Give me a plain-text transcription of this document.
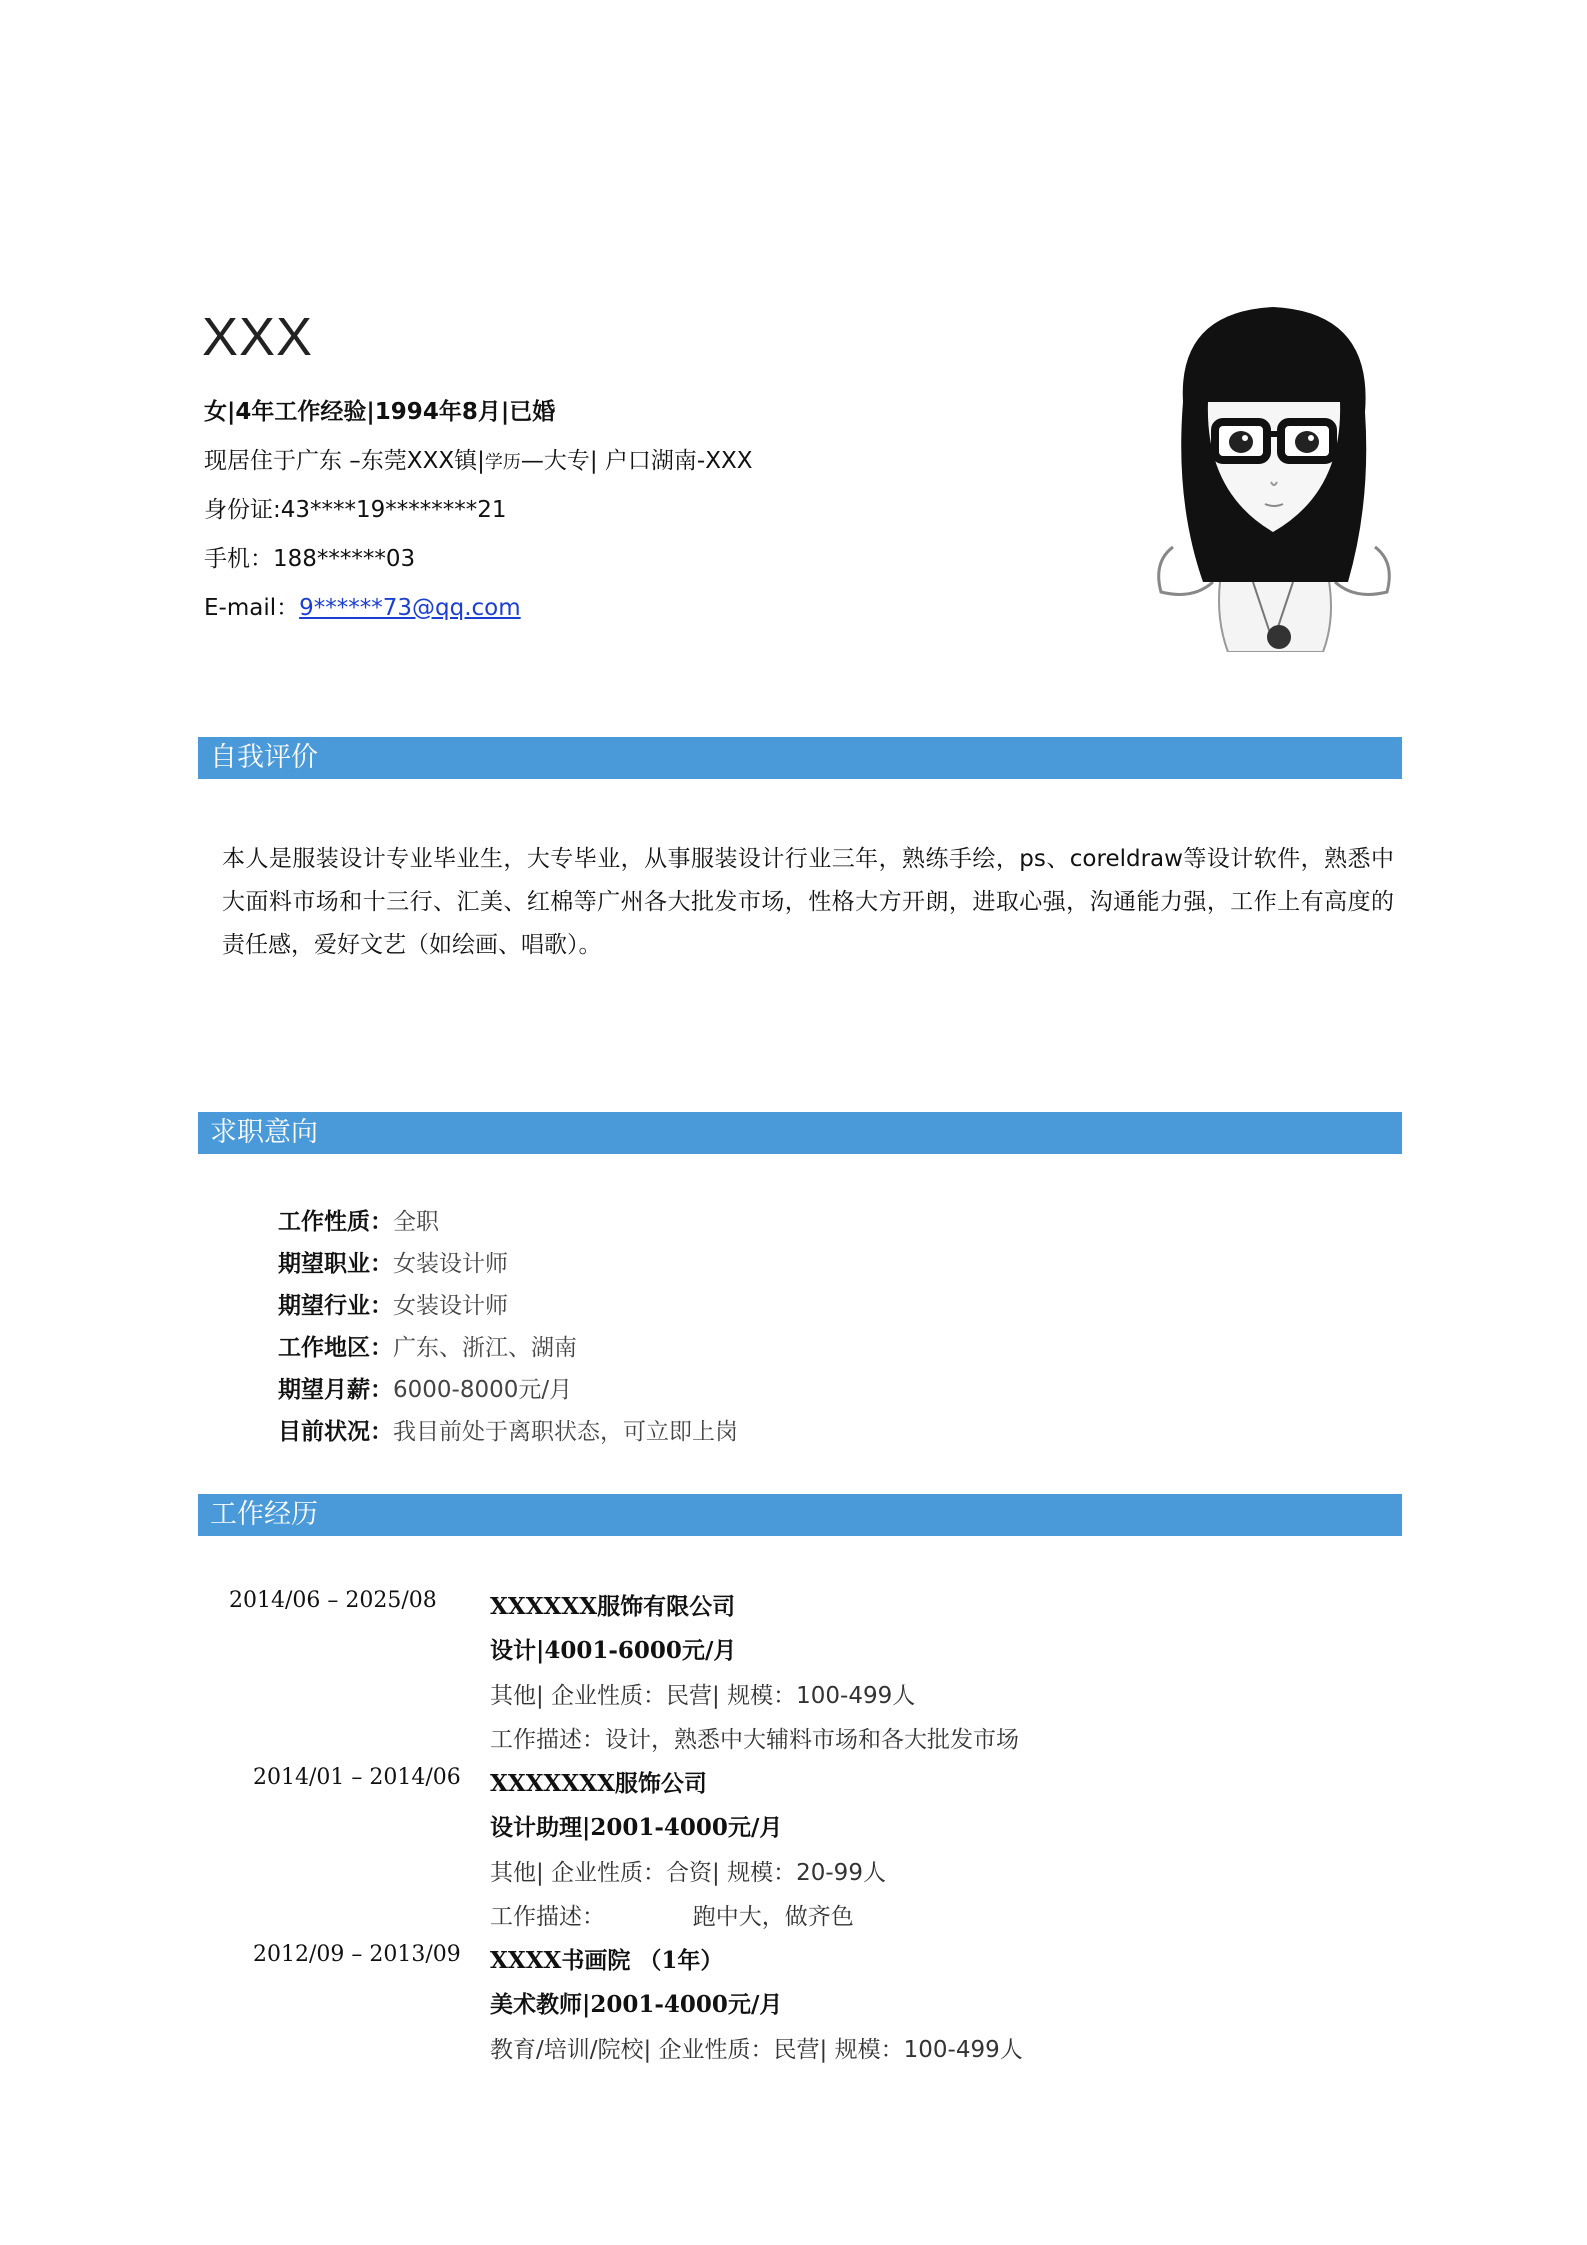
XXX
女|4年工作经验|1994年8月|已婚
现居住于广东 –东莞XXX镇|学历—大专| 户口湖南-XXX
身份证:43****19********21
手机：188******03
E-mail：9******73@qq.com
自我评价
本人是服装设计专业毕业生，大专毕业，从事服装设计行业三年，熟练手绘，ps、coreldraw等设计软件，熟悉中大面料市场和十三行、汇美、红棉等广州各大批发市场，性格大方开朗，进取心强，沟通能力强，工作上有高度的责任感，爱好文艺（如绘画、唱歌）。
求职意向
工作性质：全职
期望职业：女装设计师
期望行业：女装设计师
工作地区：广东、浙江、湖南
期望月薪：6000-8000元/月
目前状况：我目前处于离职状态，可立即上岗
工作经历
2014/06 – 2025/08 XXXXXX服饰有限公司
设计|4001-6000元/月
其他| 企业性质：民营| 规模：100-499人
工作描述：设计，熟悉中大辅料市场和各大批发市场
2014/01 – 2014/06 XXXXXXX服饰公司
设计助理|2001-4000元/月
其他| 企业性质：合资| 规模：20-99人
工作描述：            跑中大，做齐色
2012/09 – 2013/09 XXXX书画院 （1年）
美术教师|2001-4000元/月
教育/培训/院校| 企业性质：民营| 规模：100-499人
